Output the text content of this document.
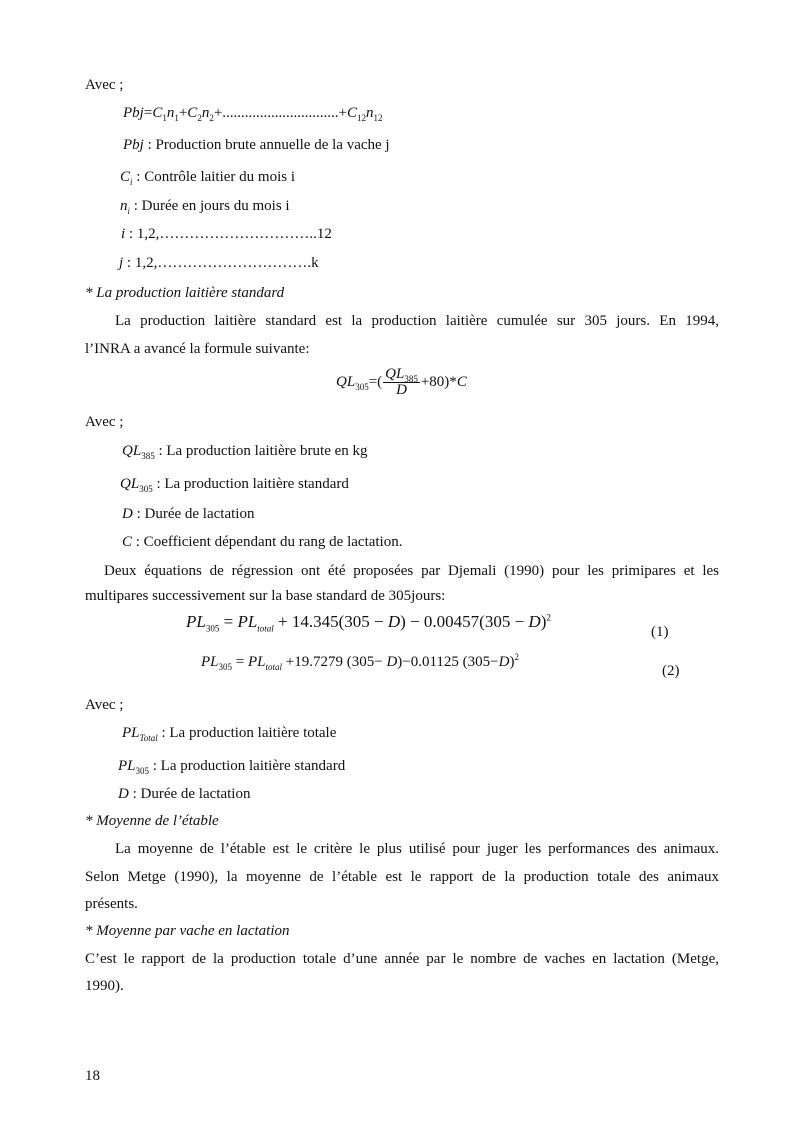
Avec ;
$Pbj=C_1n_1+C_2n_2+...............................+C_{12}n_{12}$
Pbj : Production brute annuelle de la vache j
$C_i$ : Contrôle laitier du mois i
$n_i$ : Durée en jours du mois i
i : 1,2,…………………………..12
j : 1,2,………………………….k
* La production laitière standard
La production laitière standard est la production laitière cumulée sur 305 jours. En 1994,
l’INRA a avancé la formule suivante:
$QL_{305}=( \frac{QL_{385}}{D} +80)*C$
Avec ;
$QL_{385}$ : La production laitière brute en kg
$QL_{305}$ : La production laitière standard
D : Durée de lactation
C : Coefficient dépendant du rang de lactation.
Deux équations de régression ont été proposées par Djemali (1990) pour les primipares et les
multipares successivement sur la base standard de 305jours:
$PL_{305} = PL_{total} + 14.345(305 - D) - 0.00457(305 - D)^2$
(1)
$PL_{305} = PL_{total} +19.7279$ (305− D)−0.01125 $(305-D)^2$
(2)
Avec ;
$PL_{Total}$ : La production laitière totale
$PL_{305}$ : La production laitière standard
D : Durée de lactation
* Moyenne de l’étable
La moyenne de l’étable est le critère le plus utilisé pour juger les performances des animaux.
Selon Metge (1990), la moyenne de l’étable est le rapport de la production totale des animaux
présents.
* Moyenne par vache en lactation
C’est le rapport de la production totale d’une année par le nombre de vaches en lactation (Metge,
1990).
18
